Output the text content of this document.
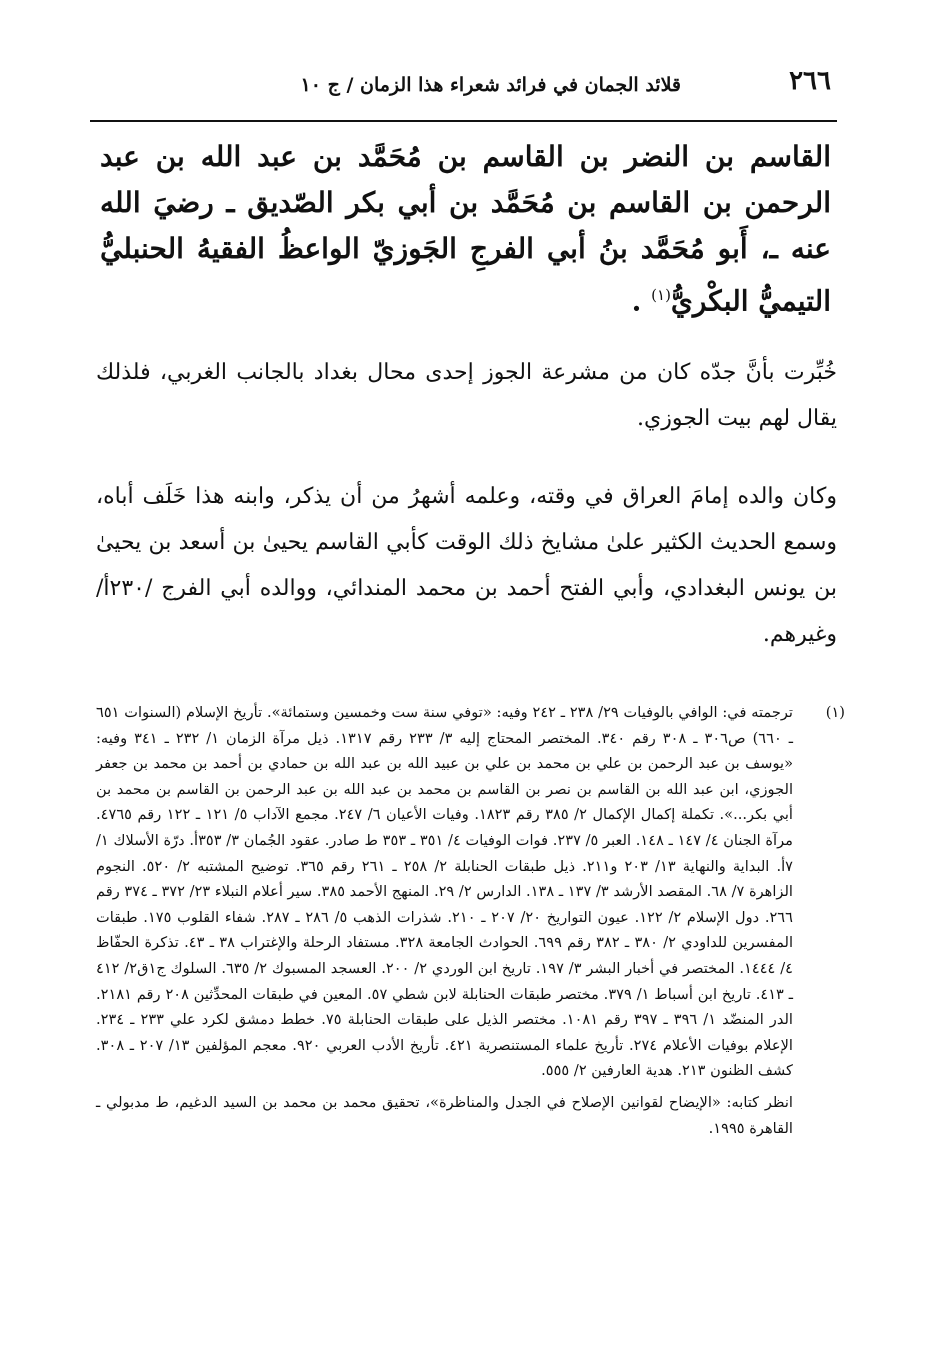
٢٦٦
قلائد الجمان في فرائد شعراء هذا الزمان / ج ١٠
القاسم بن النضر بن القاسم بن مُحَمَّد بن عبد الله بن عبد الرحمن بن القاسم بن مُحَمَّد بن أبي بكر الصّديق ـ رضيَ الله عنه ـ، أَبو مُحَمَّد بنُ أبي الفرجِ الجَوزيّ الواعظُ الفقيهُ الحنبليُّ التيميُّ البكْريُّ$^{(١)}$ .

خُبِّرت بأنَّ جدّه كان من مشرعة الجوز إحدى محال بغداد بالجانب الغربي، فلذلك يقال لهم بيت الجوزي.

وكان والده إمامَ العراق في وقته، وعلمه أشهرُ من أن يذكر، وابنه هذا خَلَف أباه، وسمع الحديث الكثير علىٰ مشايخ ذلك الوقت كأبي القاسم يحيىٰ بن أسعد بن يحيىٰ بن يونس البغدادي، وأبي الفتح أحمد بن محمد المندائي، ووالده أبي الفرج /٢٣٠أ/ وغيرهم.

(١)
ترجمته في: الوافي بالوفيات ٢٩/ ٢٣٨ ـ ٢٤٢ وفيه: «توفي سنة ست وخمسين وستمائة». تأريخ الإسلام (السنوات ٦٥١ ـ ٦٦٠) ص٣٠٦ ـ ٣٠٨ رقم ٣٤٠. المختصر المحتاج إليه ٣/ ٢٣٣ رقم ١٣١٧. ذيل مرآة الزمان ١/ ٢٣٢ ـ ٣٤١ وفيه: «يوسف بن عبد الرحمن بن علي بن محمد بن علي بن عبيد الله بن عبد الله بن حمادي بن أحمد بن محمد بن جعفر الجوزي، ابن عبد الله بن القاسم بن نصر بن القاسم بن محمد بن عبد الله بن عبد الرحمن بن القاسم بن محمد بن أبي بكر...». تكملة إكمال الإكمال ٢/ ٣٨٥ رقم ١٨٢٣. وفيات الأعيان ٦/ ٢٤٧. مجمع الآداب ٥/ ١٢١ ـ ١٢٢ رقم ٤٧٦٥. مرآة الجنان ٤/ ١٤٧ ـ ١٤٨. العبر ٥/ ٢٣٧. فوات الوفيات ٤/ ٣٥١ ـ ٣٥٣ ط صادر. عقود الجُمان ٣/ ٣٥٣أ. درّة الأسلاك ١/ ٧أ. البداية والنهاية ١٣/ ٢٠٣ و٢١١. ذيل طبقات الحنابلة ٢/ ٢٥٨ ـ ٢٦١ رقم ٣٦٥. توضيح المشتبه ٢/ ٥٢٠. النجوم الزاهرة ٧/ ٦٨. المقصد الأرشد ٣/ ١٣٧ ـ ١٣٨. الدارس ٢/ ٢٩. المنهج الأحمد ٣٨٥. سير أعلام النبلاء ٢٣/ ٣٧٢ ـ ٣٧٤ رقم ٢٦٦. دول الإسلام ٢/ ١٢٢. عيون التواريخ ٢٠/ ٢٠٧ ـ ٢١٠. شذرات الذهب ٥/ ٢٨٦ ـ ٢٨٧. شفاء القلوب ١٧٥. طبقات المفسرين للداودي ٢/ ٣٨٠ ـ ٣٨٢ رقم ٦٩٩. الحوادث الجامعة ٣٢٨. مستفاد الرحلة والإغتراب ٣٨ ـ ٤٣. تذكرة الحفّاظ ٤/ ١٤٤٤. المختصر في أخبار البشر ٣/ ١٩٧. تاريخ ابن الوردي ٢/ ٢٠٠. العسجد المسبوك ٢/ ٦٣٥. السلوك ج١ق٢/ ٤١٢ ـ ٤١٣. تاريخ ابن أسباط ١/ ٣٧٩. مختصر طبقات الحنابلة لابن شطي ٥٧. المعين في طبقات المحدِّثين ٢٠٨ رقم ٢١٨١. الدر المنضّد ١/ ٣٩٦ ـ ٣٩٧ رقم ١٠٨١. مختصر الذيل على طبقات الحنابلة ٧٥. خطط دمشق لكرد علي ٢٣٣ ـ ٢٣٤. الإعلام بوفيات الأعلام ٢٧٤. تأريخ علماء المستنصرية ٤٢١. تأريخ الأدب العربي ٩٢٠. معجم المؤلفين ١٣/ ٢٠٧ ـ ٣٠٨. كشف الظنون ٢١٣. هدية العارفين ٢/ ٥٥٥.
انظر كتابه: «الإيضاح لقوانين الإصلاح في الجدل والمناظرة»، تحقيق محمد بن محمد بن السيد الدغيم، ط مدبولي ـ القاهرة ١٩٩٥.
